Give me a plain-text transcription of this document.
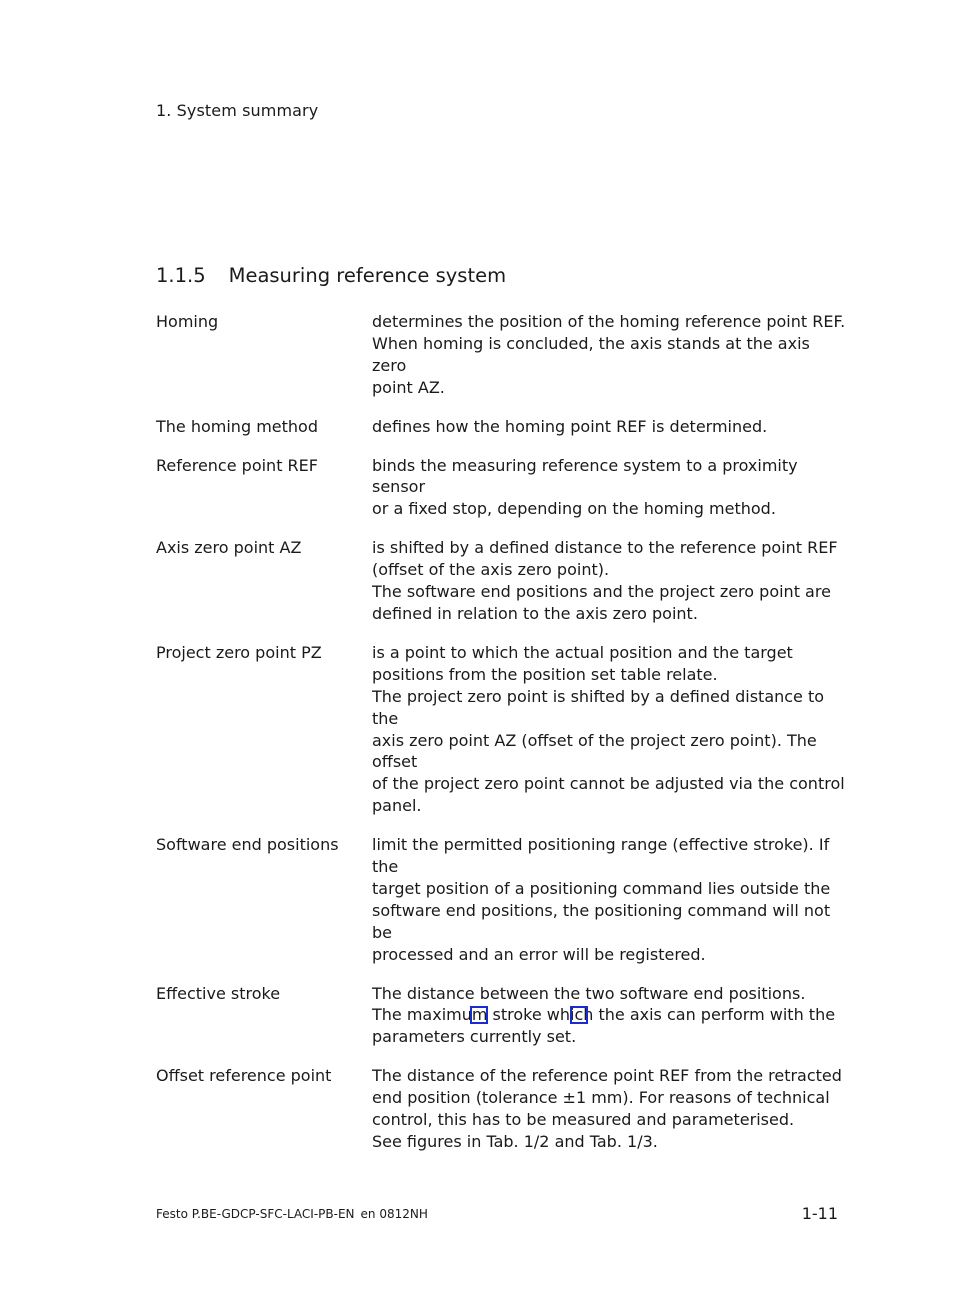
1. System summary
1.1.5 Measuring reference system
Homing	determines the position of the homing reference point REF.
When homing is concluded, the axis stands at the axis zero
point AZ.
The homing method	defines how the homing point REF is determined.
Reference point REF	binds the measuring reference system to a proximity sensor
or a fixed stop, depending on the homing method.
Axis zero point AZ	is shifted by a defined distance to the reference point REF
(offset of the axis zero point).
The software end positions and the project zero point are
defined in relation to the axis zero point.
Project zero point PZ	is a point to which the actual position and the target
positions from the position set table relate.
The project zero point is shifted by a defined distance to the
axis zero point AZ (offset of the project zero point). The offset
of the project zero point cannot be adjusted via the control
panel.
Software end positions	limit the permitted positioning range (effective stroke). If the
target position of a positioning command lies outside the
software end positions, the positioning command will not be
processed and an error will be registered.
Effective stroke	The distance between the two software end positions.
The maximum stroke which the axis can perform with the
parameters currently set.
Offset reference point	The distance of the reference point REF from the retracted
end position (tolerance ±1 mm). For reasons of technical
control, this has to be measured and parameterised.
See figures in Tab. 1/2 and Tab. 1/3.
Festo P.BE-GDCP-SFC-LACI-PB-EN en 0812NH	1-11
